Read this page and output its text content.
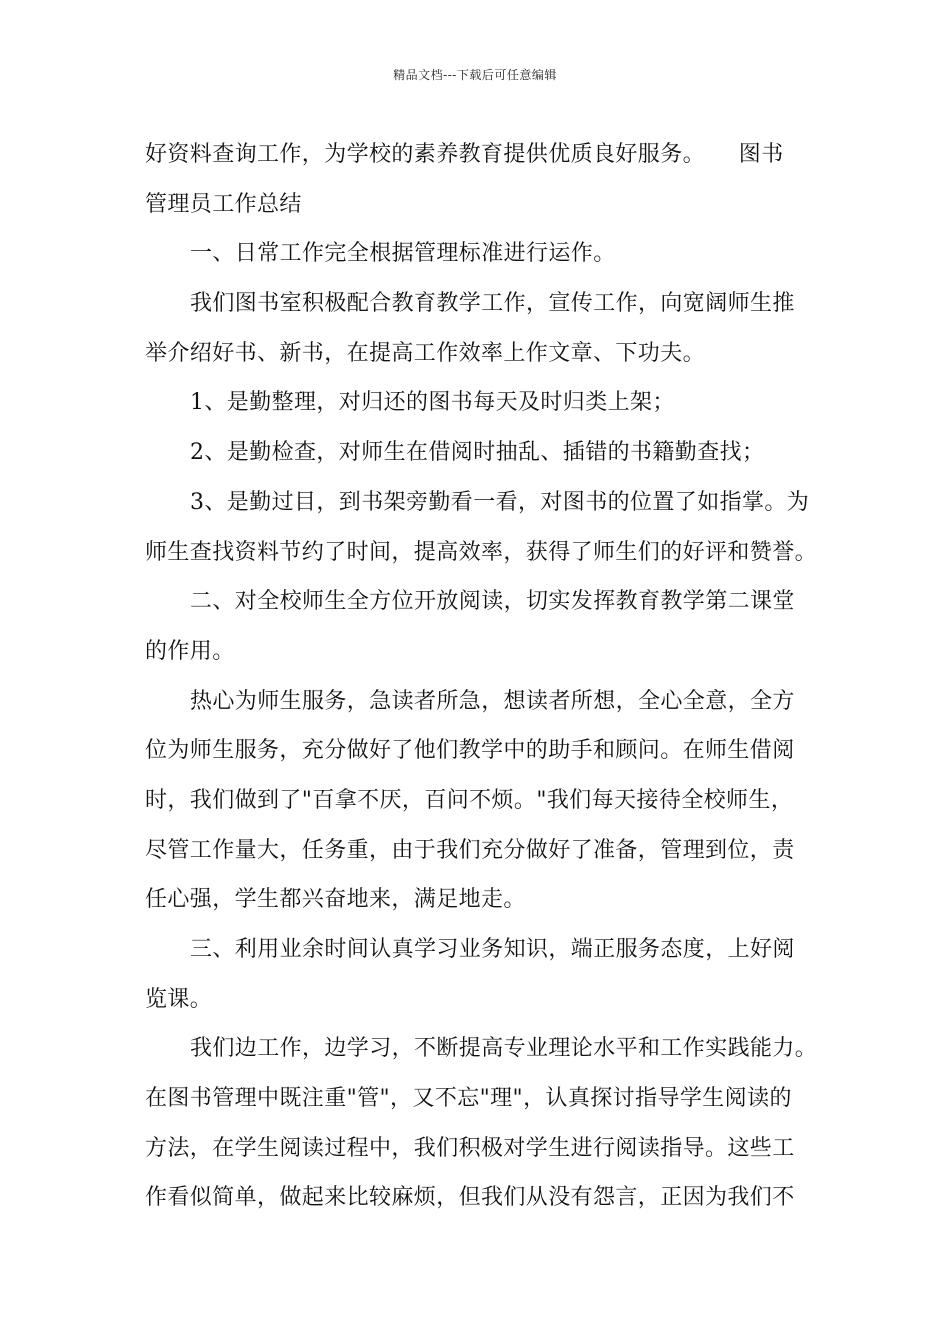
精品文档---下载后可任意编辑
好资料查询工作，为学校的素养教育提供优质良好服务。　　图书
管理员工作总结
一、日常工作完全根据管理标准进行运作。
我们图书室积极配合教育教学工作，宣传工作，向宽阔师生推
举介绍好书、新书，在提高工作效率上作文章、下功夫。
1、是勤整理，对归还的图书每天及时归类上架；
2、是勤检查，对师生在借阅时抽乱、插错的书籍勤查找；
3、是勤过目，到书架旁勤看一看，对图书的位置了如指掌。为
师生查找资料节约了时间，提高效率，获得了师生们的好评和赞誉。
二、对全校师生全方位开放阅读，切实发挥教育教学第二课堂
的作用。
热心为师生服务，急读者所急，想读者所想，全心全意，全方
位为师生服务，充分做好了他们教学中的助手和顾问。在师生借阅
时，我们做到了"百拿不厌，百问不烦。"我们每天接待全校师生，
尽管工作量大，任务重，由于我们充分做好了准备，管理到位，责
任心强，学生都兴奋地来，满足地走。
三、利用业余时间认真学习业务知识，端正服务态度，上好阅
览课。
我们边工作，边学习，不断提高专业理论水平和工作实践能力。
在图书管理中既注重"管"，又不忘"理"，认真探讨指导学生阅读的
方法，在学生阅读过程中，我们积极对学生进行阅读指导。这些工
作看似简单，做起来比较麻烦，但我们从没有怨言，正因为我们不
